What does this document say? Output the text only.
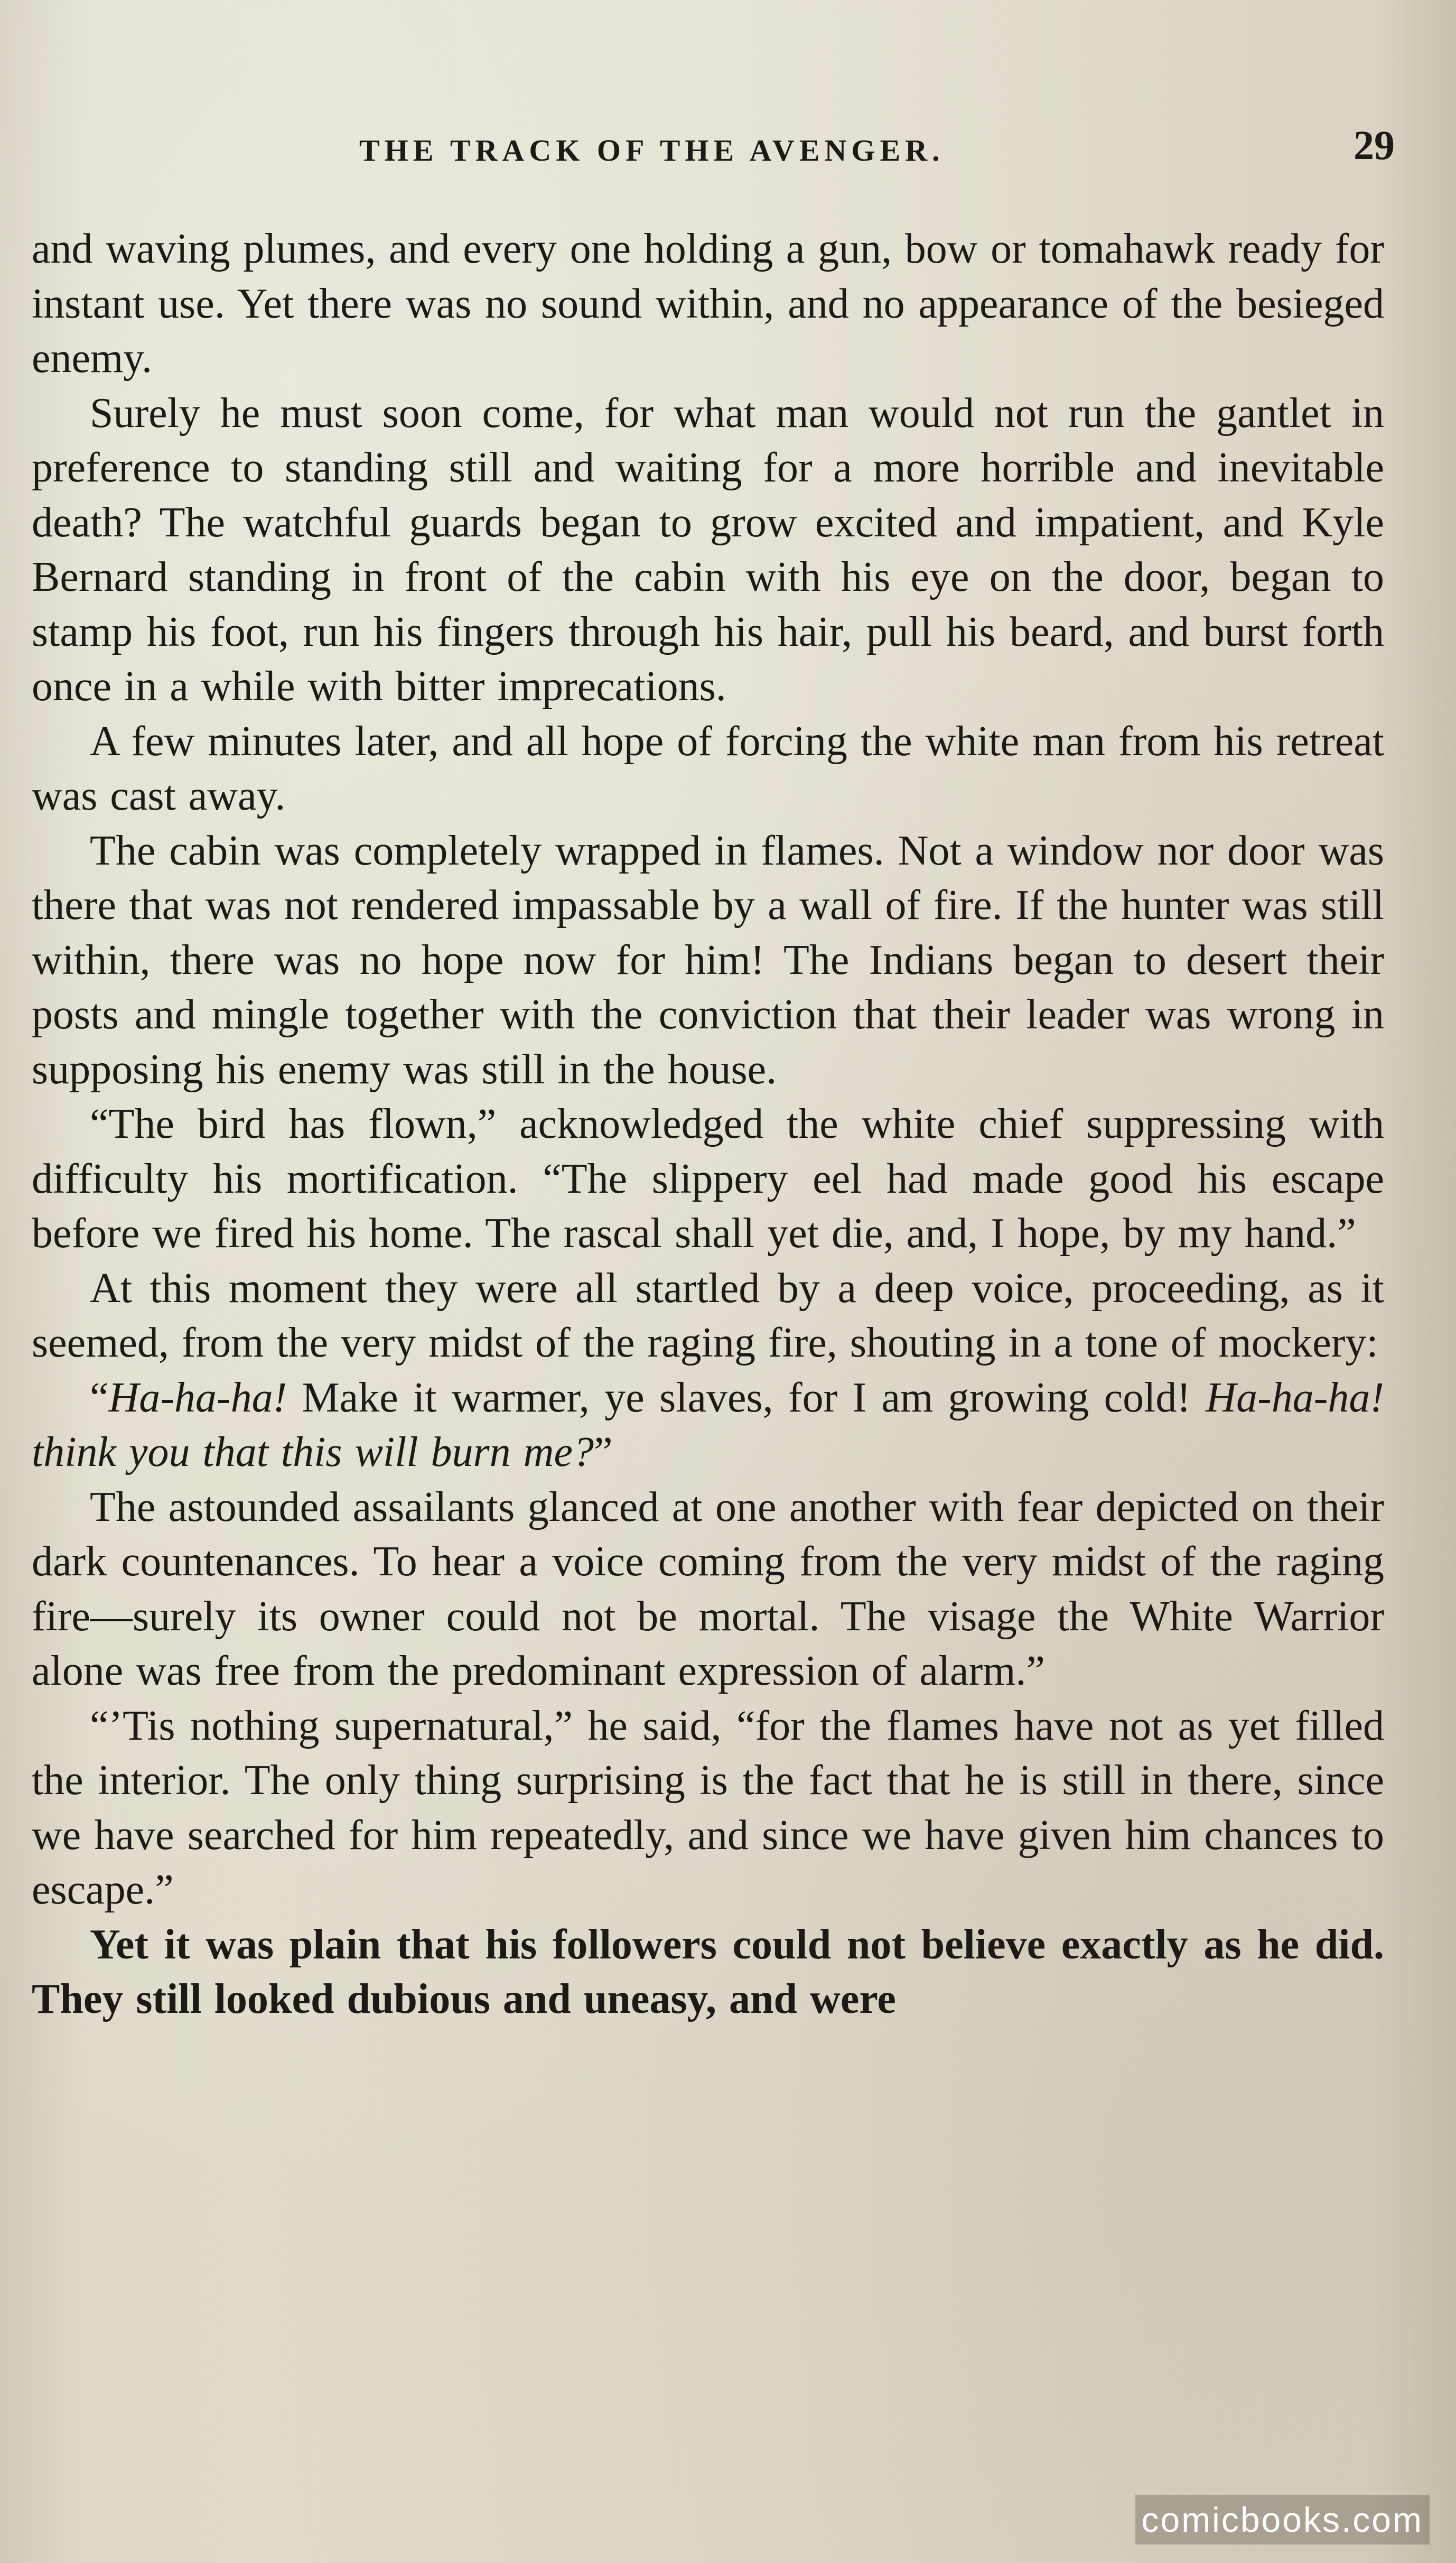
THE TRACK OF THE AVENGER.	29

and waving plumes, and every one holding a gun, bow or tomahawk ready for instant use. Yet there was no sound within, and no appearance of the besieged enemy.

Surely he must soon come, for what man would not run the gantlet in preference to standing still and waiting for a more horrible and inevitable death? The watchful guards began to grow excited and impatient, and Kyle Bernard standing in front of the cabin with his eye on the door, began to stamp his foot, run his fingers through his hair, pull his beard, and burst forth once in a while with bitter imprecations.

A few minutes later, and all hope of forcing the white man from his retreat was cast away.

The cabin was completely wrapped in flames. Not a window nor door was there that was not rendered impassable by a wall of fire. If the hunter was still within, there was no hope now for him! The Indians began to desert their posts and mingle together with the conviction that their leader was wrong in supposing his enemy was still in the house.

“The bird has flown,” acknowledged the white chief suppressing with difficulty his mortification. “The slippery eel had made good his escape before we fired his home. The rascal shall yet die, and, I hope, by my hand.”

At this moment they were all startled by a deep voice, proceeding, as it seemed, from the very midst of the raging fire, shouting in a tone of mockery:

“Ha-ha-ha! Make it warmer, ye slaves, for I am growing cold! Ha-ha-ha! think you that this will burn me?”

The astounded assailants glanced at one another with fear depicted on their dark countenances. To hear a voice coming from the very midst of the raging fire—surely its owner could not be mortal. The visage the White Warrior alone was free from the predominant expression of alarm.”

“’Tis nothing supernatural,” he said, “for the flames have not as yet filled the interior. The only thing surprising is the fact that he is still in there, since we have searched for him repeatedly, and since we have given him chances to escape.”

Yet it was plain that his followers could not believe exactly as he did. They still looked dubious and uneasy, and were

comicbooks.com
